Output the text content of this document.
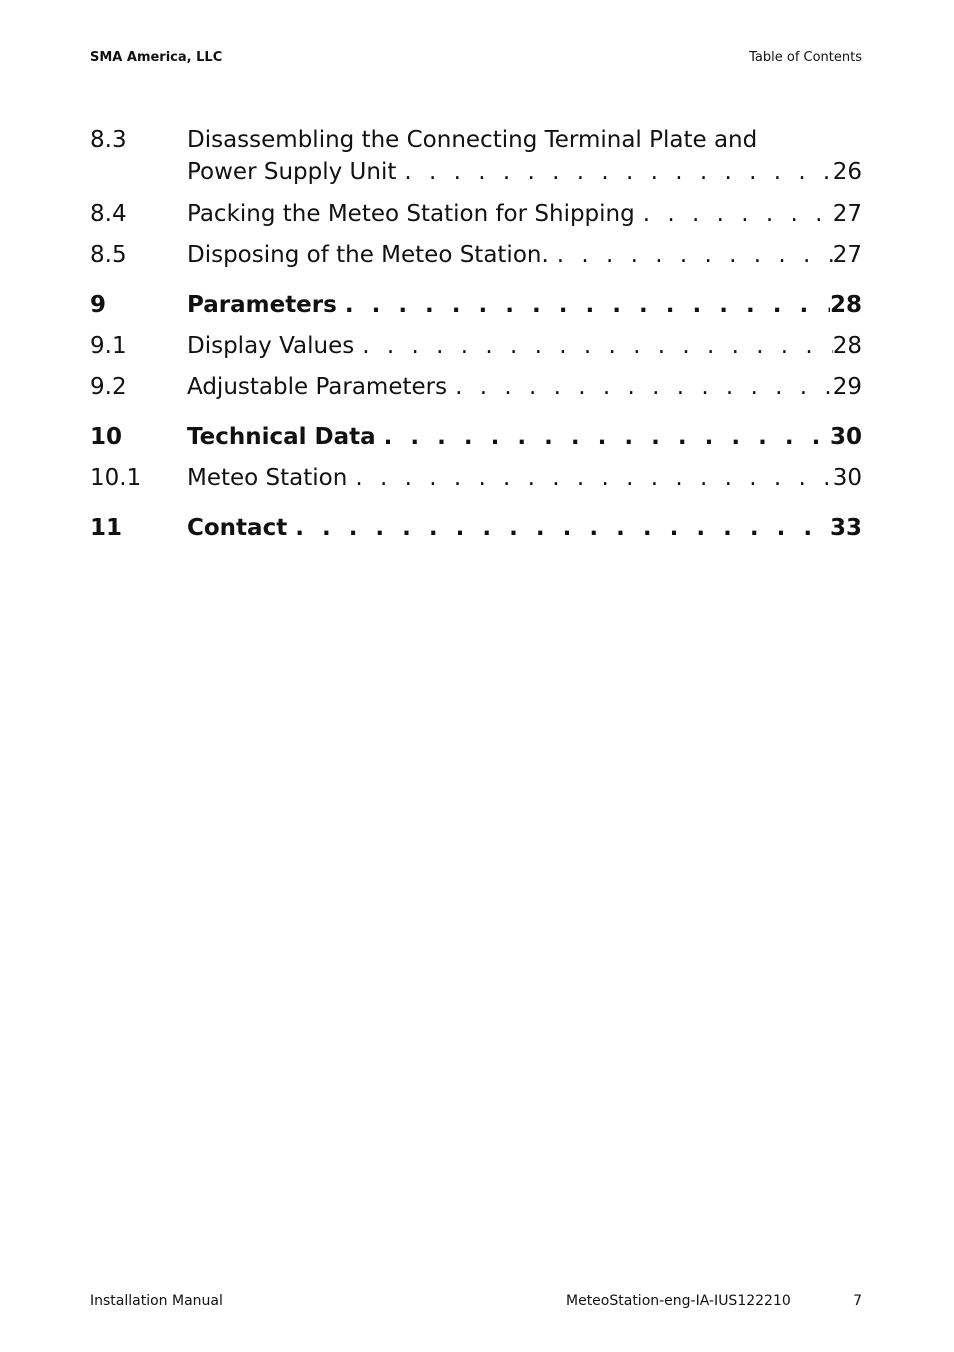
SMA America, LLC	Table of Contents
8.3	Disassembling the Connecting Terminal Plate and
Power Supply Unit . . .	26
8.4	Packing the Meteo Station for Shipping . . .	27
8.5	Disposing of the Meteo Station. . . .	27
9	Parameters . . .	28
9.1	Display Values . . .	28
9.2	Adjustable Parameters . . .	29
10	Technical Data . . .	30
10.1	Meteo Station . . .	30
11	Contact . . .	33
Installation Manual	MeteoStation-eng-IA-IUS122210	7
